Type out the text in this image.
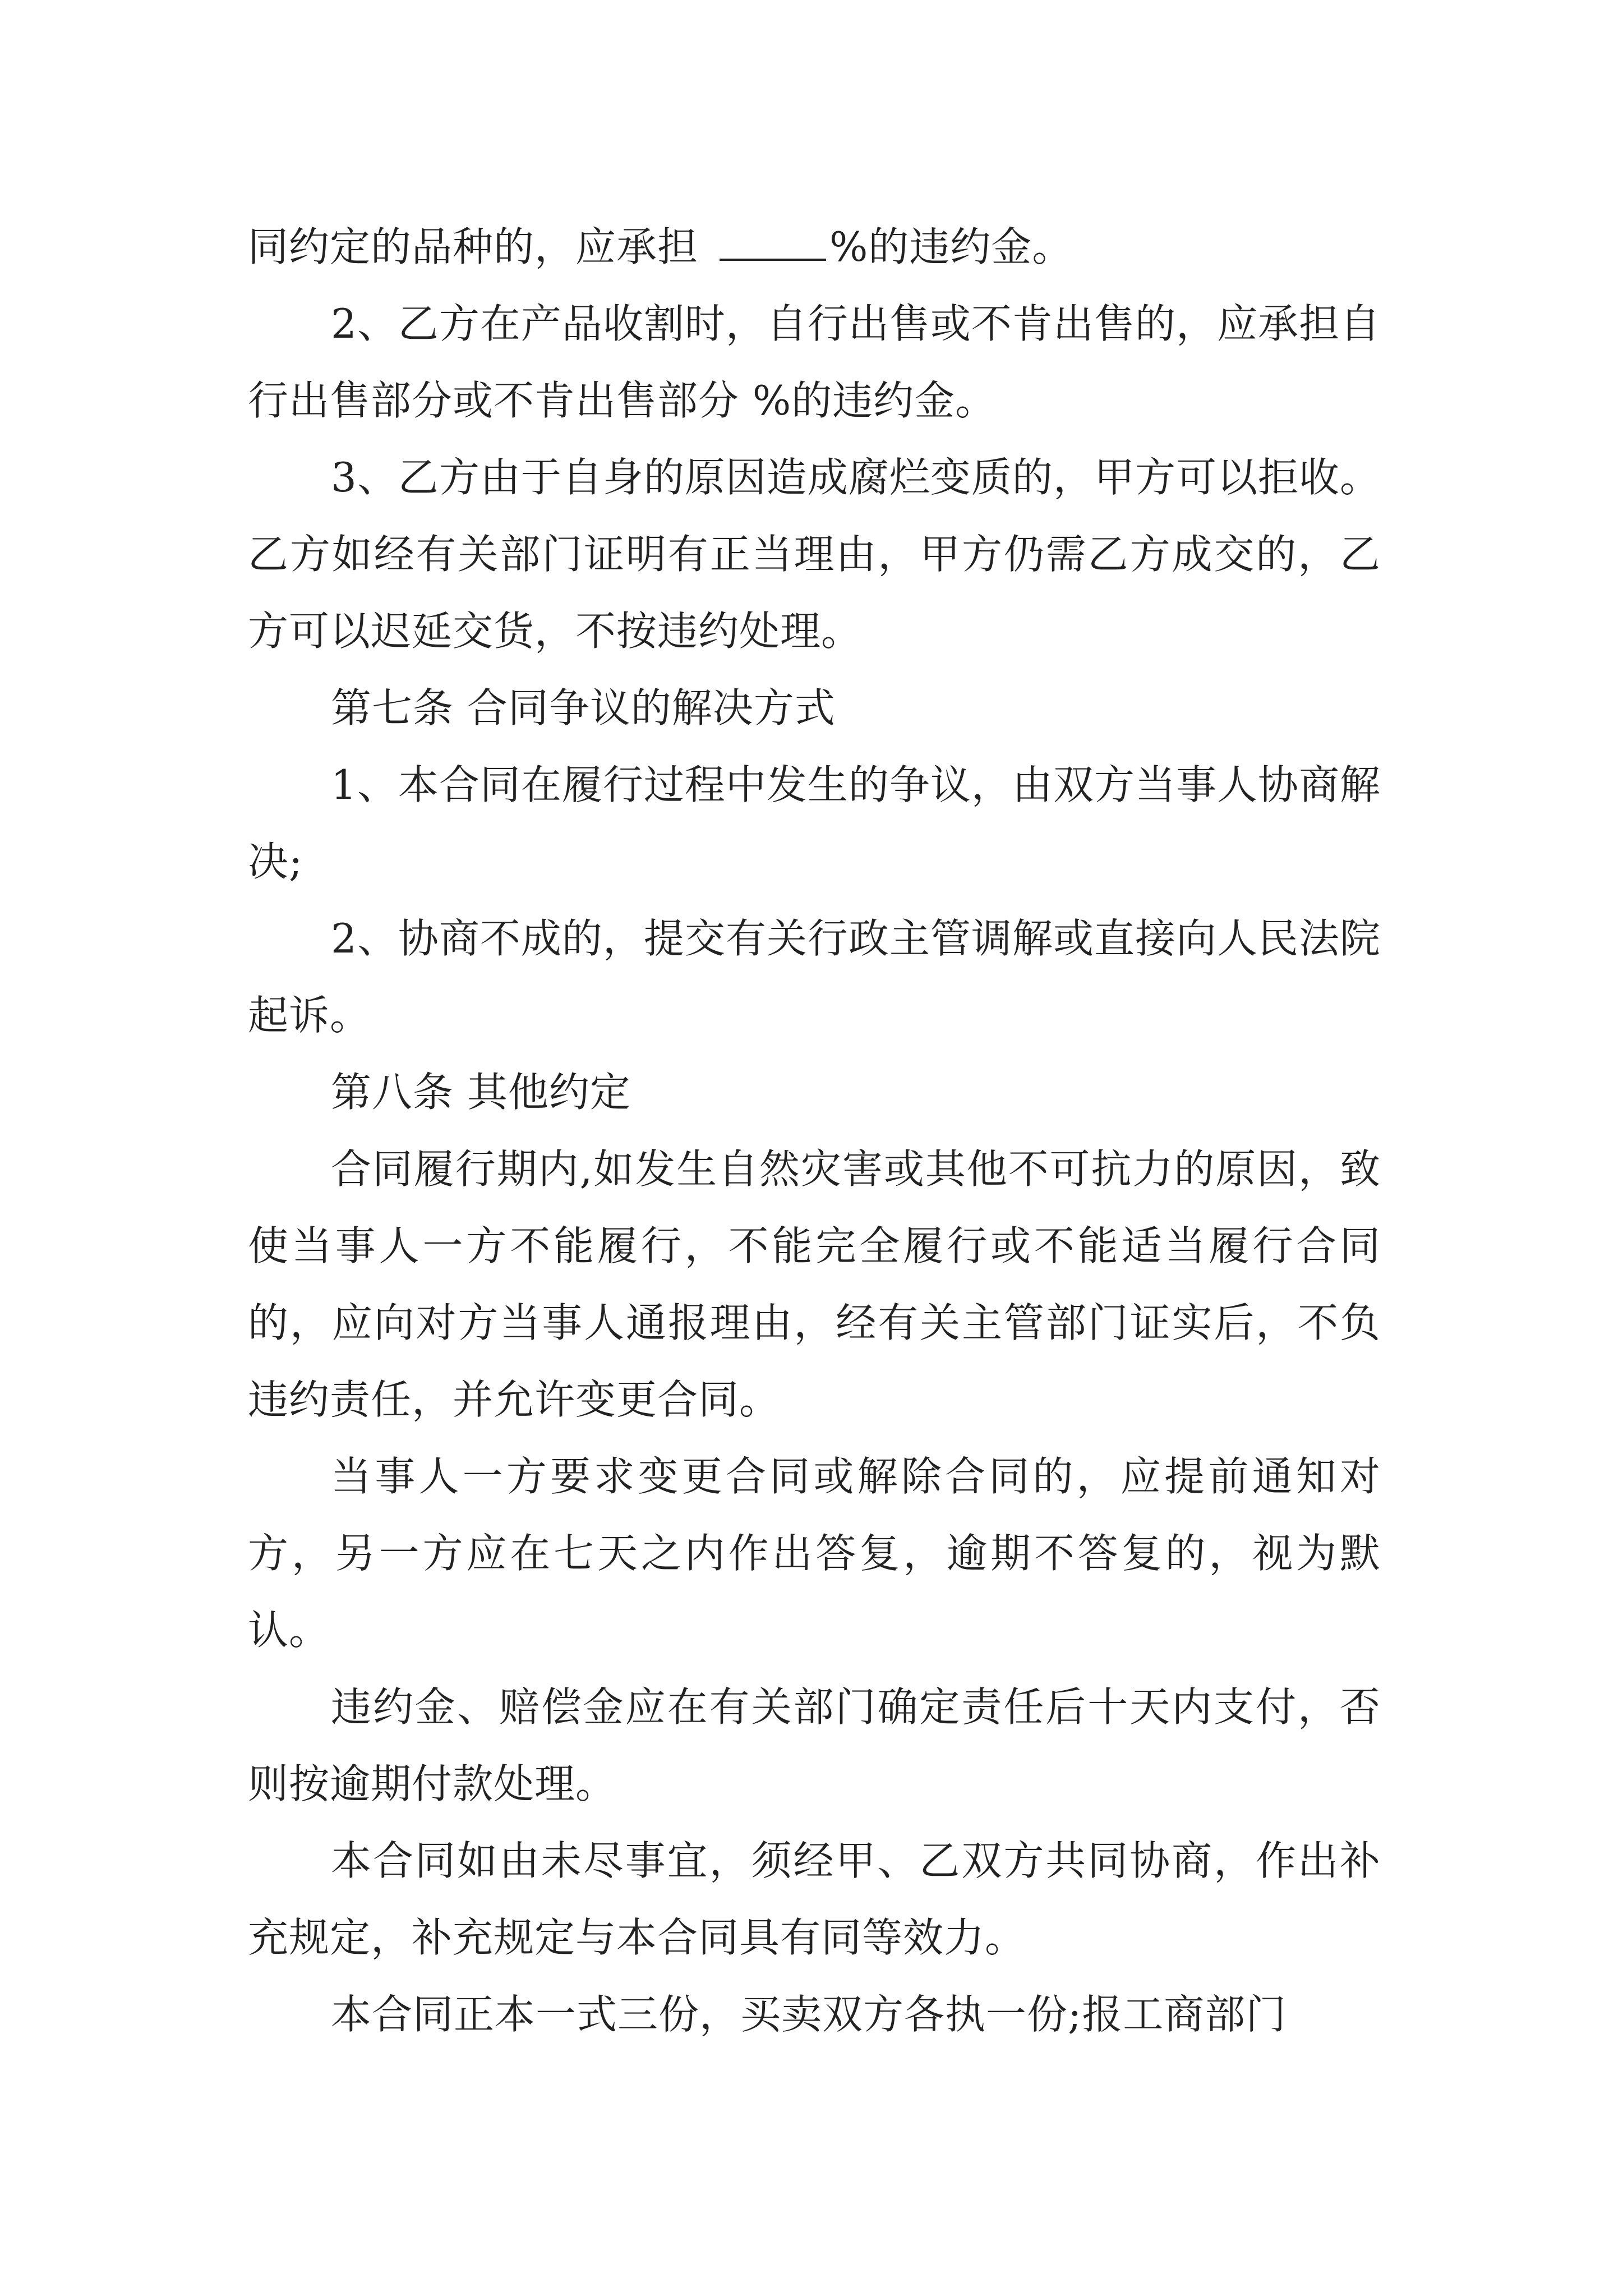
同约定的品种的，应承担	%的违约金。

2、乙方在产品收割时，自行出售或不肯出售的，应承担自行出售部分或不肯出售部分 %的违约金。

3、乙方由于自身的原因造成腐烂变质的，甲方可以拒收。乙方如经有关部门证明有正当理由，甲方仍需乙方成交的，乙方可以迟延交货，不按违约处理。

第七条 合同争议的解决方式

1、本合同在履行过程中发生的争议，由双方当事人协商解决;

2、协商不成的，提交有关行政主管调解或直接向人民法院起诉。

第八条 其他约定

合同履行期内,如发生自然灾害或其他不可抗力的原因，致使当事人一方不能履行，不能完全履行或不能适当履行合同的，应向对方当事人通报理由，经有关主管部门证实后，不负违约责任，并允许变更合同。

当事人一方要求变更合同或解除合同的，应提前通知对方，另一方应在七天之内作出答复，逾期不答复的，视为默认。

违约金、赔偿金应在有关部门确定责任后十天内支付，否则按逾期付款处理。

本合同如由未尽事宜，须经甲、乙双方共同协商，作出补充规定，补充规定与本合同具有同等效力。

本合同正本一式三份，买卖双方各执一份;报工商部门
